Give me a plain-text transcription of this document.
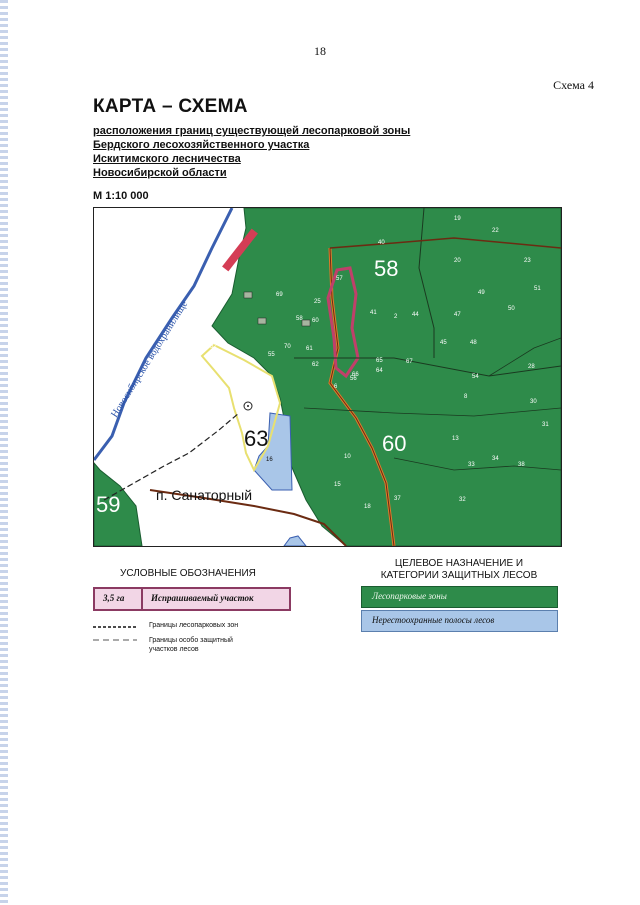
18
Схема 4
КАРТА – СХЕМА
расположения границ существующей лесопарковой зоны
Бердского лесохозяйственного участка
Искитимского лесничества
Новосибирской области
М 1:10 000
Новосибирское водохранилище
58
60
63
59	п. Санаторный
2
6
8
10
13
15
16
18
19
20
22
23
25
28
30
31
32
33
34
37
38
40
41	44
45
47
48
49
50
51
52
54
55
56
57
58 60
61
62
64
65
66
67
69
70
УСЛОВНЫЕ ОБОЗНАЧЕНИЯ
ЦЕЛЕВОЕ НАЗНАЧЕНИЕ И
КАТЕГОРИИ ЗАЩИТНЫХ ЛЕСОВ
3,5 га	Испрашиваемый участок
Границы лесопарковых зон
Границы особо защитный участков лесов
Лесопарковые зоны
Нерестоохранные полосы лесов
